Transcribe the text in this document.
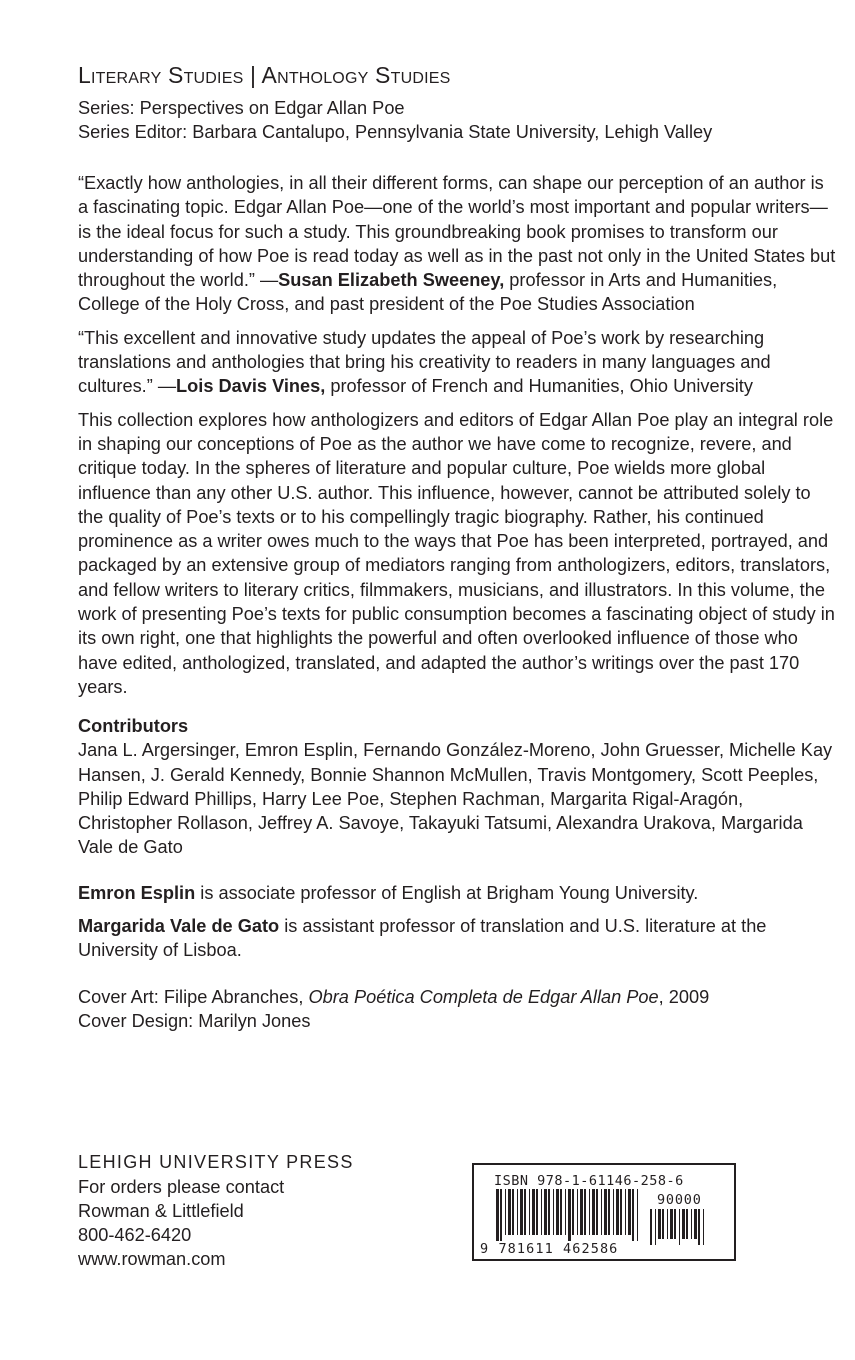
Literary Studies | Anthology Studies

Series: Perspectives on Edgar Allan Poe

Series Editor: Barbara Cantalupo, Pennsylvania State University, Lehigh Valley

“Exactly how anthologies, in all their different forms, can shape our perception of an author is a fascinating topic. Edgar Allan Poe—one of the world’s most important and popular writers—is the ideal focus for such a study. This groundbreaking book promises to transform our understanding of how Poe is read today as well as in the past not only in the United States but throughout the world.” —Susan Elizabeth Sweeney, professor in Arts and Humanities, College of the Holy Cross, and past president of the Poe Studies Association

“This excellent and innovative study updates the appeal of Poe’s work by researching translations and anthologies that bring his creativity to readers in many languages and cultures.” —Lois Davis Vines, professor of French and Humanities, Ohio University

This collection explores how anthologizers and editors of Edgar Allan Poe play an integral role in shaping our conceptions of Poe as the author we have come to recognize, revere, and critique today. In the spheres of literature and popular culture, Poe wields more global influence than any other U.S. author. This influence, however, cannot be attributed solely to the quality of Poe’s texts or to his compellingly tragic biography. Rather, his continued prominence as a writer owes much to the ways that Poe has been interpreted, portrayed, and packaged by an extensive group of mediators ranging from anthologizers, editors, translators, and fellow writers to literary critics, filmmakers, musicians, and illustrators. In this volume, the work of presenting Poe’s texts for public consumption becomes a fascinating object of study in its own right, one that highlights the powerful and often overlooked influence of those who have edited, anthologized, translated, and adapted the author’s writings over the past 170 years.

Contributors

Jana L. Argersinger, Emron Esplin, Fernando González-Moreno, John Gruesser, Michelle Kay Hansen, J. Gerald Kennedy, Bonnie Shannon McMullen, Travis Montgomery, Scott Peeples, Philip Edward Phillips, Harry Lee Poe, Stephen Rachman, Margarita Rigal-Aragón, Christopher Rollason, Jeffrey A. Savoye, Takayuki Tatsumi, Alexandra Urakova, Margarida Vale de Gato

Emron Esplin is associate professor of English at Brigham Young University.

Margarida Vale de Gato is assistant professor of translation and U.S. literature at the University of Lisboa.

Cover Art: Filipe Abranches, Obra Poética Completa de Edgar Allan Poe, 2009

Cover Design: Marilyn Jones

LEHIGH UNIVERSITY PRESS
For orders please contact
Rowman & Littlefield
800-462-6420
www.rowman.com
ISBN 978-1-61146-258-6
90000
9 781611 462586
